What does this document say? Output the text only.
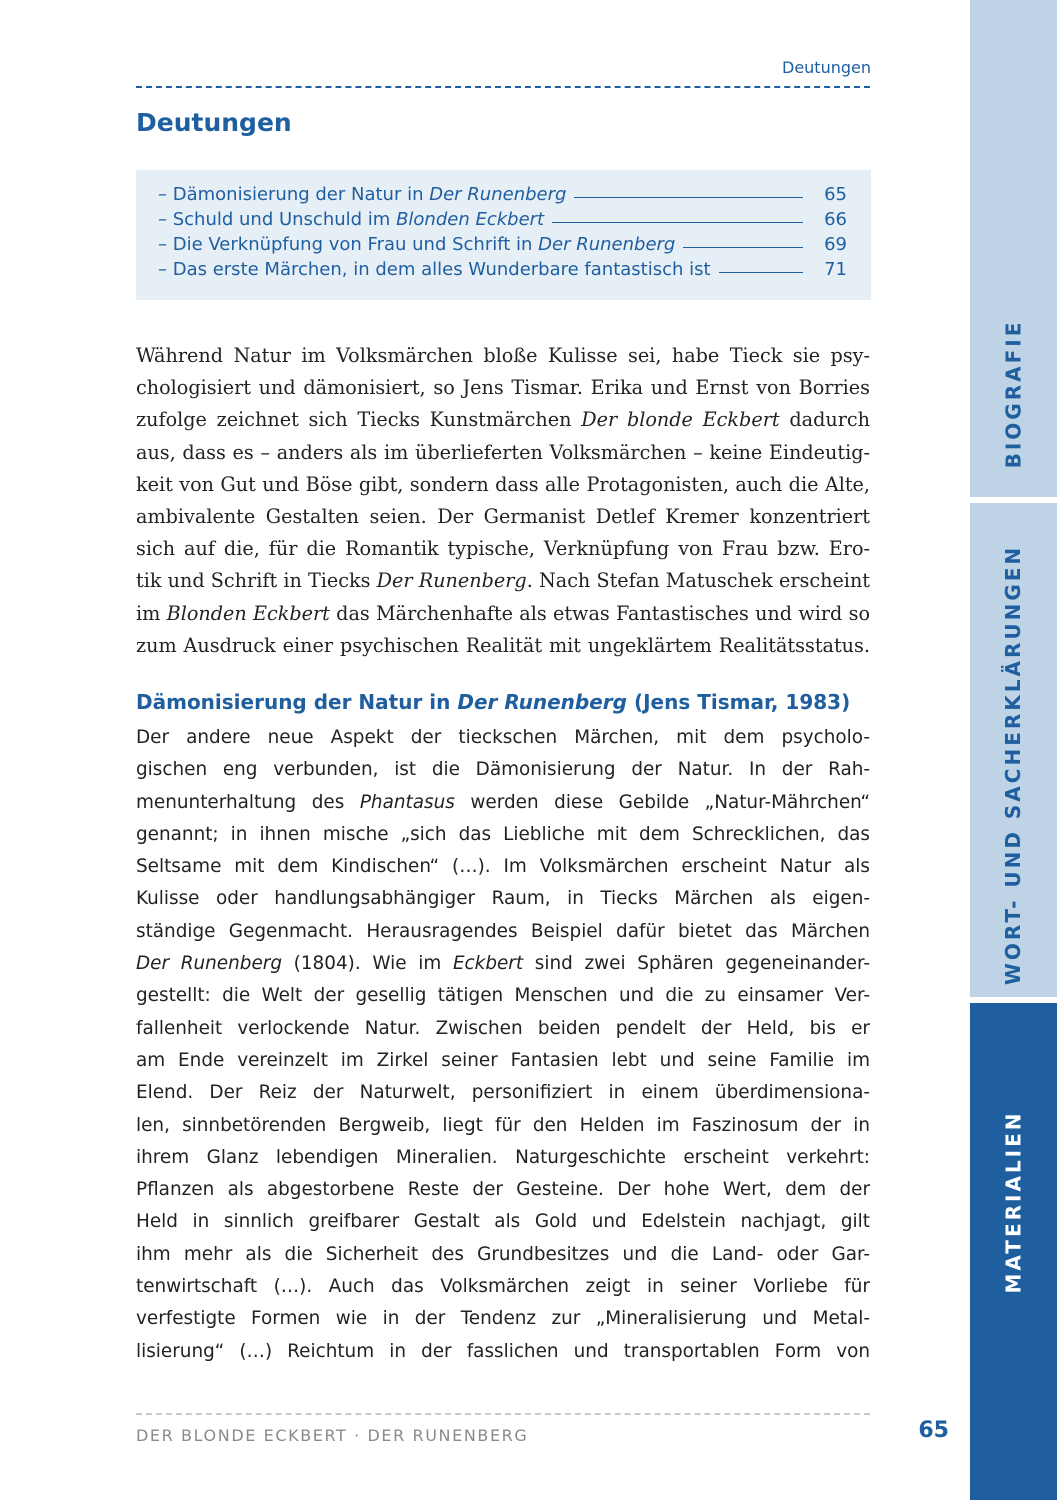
Deutungen
Deutungen
– Dämonisierung der Natur in Der Runenberg	65
– Schuld und Unschuld im Blonden Eckbert	66
– Die Verknüpfung von Frau und Schrift in Der Runenberg	69
– Das erste Märchen, in dem alles Wunderbare fantastisch ist	71
Während Natur im Volksmärchen bloße Kulisse sei, habe Tieck sie psy-
chologisiert und dämonisiert, so Jens Tismar. Erika und Ernst von Borries
zufolge zeichnet sich Tiecks Kunstmärchen Der blonde Eckbert dadurch
aus, dass es – anders als im überlieferten Volksmärchen – keine Eindeutig-
keit von Gut und Böse gibt, sondern dass alle Protagonisten, auch die Alte,
ambivalente Gestalten seien. Der Germanist Detlef Kremer konzentriert
sich auf die, für die Romantik typische, Verknüpfung von Frau bzw. Ero-
tik und Schrift in Tiecks Der Runenberg. Nach Stefan Matuschek erscheint
im Blonden Eckbert das Märchenhafte als etwas Fantastisches und wird so
zum Ausdruck einer psychischen Realität mit ungeklärtem Realitätsstatus.
Dämonisierung der Natur in Der Runenberg (Jens Tismar, 1983)
Der andere neue Aspekt der tieckschen Märchen, mit dem psycholo-
gischen eng verbunden, ist die Dämonisierung der Natur. In der Rah-
menunterhaltung des Phantasus werden diese Gebilde „Natur-Mährchen“
genannt; in ihnen mische „sich das Liebliche mit dem Schrecklichen, das
Seltsame mit dem Kindischen“ (…). Im Volksmärchen erscheint Natur als
Kulisse oder handlungsabhängiger Raum, in Tiecks Märchen als eigen-
ständige Gegenmacht. Herausragendes Beispiel dafür bietet das Märchen
Der Runenberg (1804). Wie im Eckbert sind zwei Sphären gegeneinander-
gestellt: die Welt der gesellig tätigen Menschen und die zu einsamer Ver-
fallenheit verlockende Natur. Zwischen beiden pendelt der Held, bis er
am Ende vereinzelt im Zirkel seiner Fantasien lebt und seine Familie im
Elend. Der Reiz der Naturwelt, personifiziert in einem überdimensiona-
len, sinnbetörenden Bergweib, liegt für den Helden im Faszinosum der in
ihrem Glanz lebendigen Mineralien. Naturgeschichte erscheint verkehrt:
Pflanzen als abgestorbene Reste der Gesteine. Der hohe Wert, dem der
Held in sinnlich greifbarer Gestalt als Gold und Edelstein nachjagt, gilt
ihm mehr als die Sicherheit des Grundbesitzes und die Land- oder Gar-
tenwirtschaft (…). Auch das Volksmärchen zeigt in seiner Vorliebe für
verfestigte Formen wie in der Tendenz zur „Mineralisierung und Metal-
lisierung“ (…) Reichtum in der fasslichen und transportablen Form von
DER BLONDE ECKBERT · DER RUNENBERG	65
BIOGRAFIE
WORT- UND SACHERKLÄRUNGEN
MATERIALIEN
